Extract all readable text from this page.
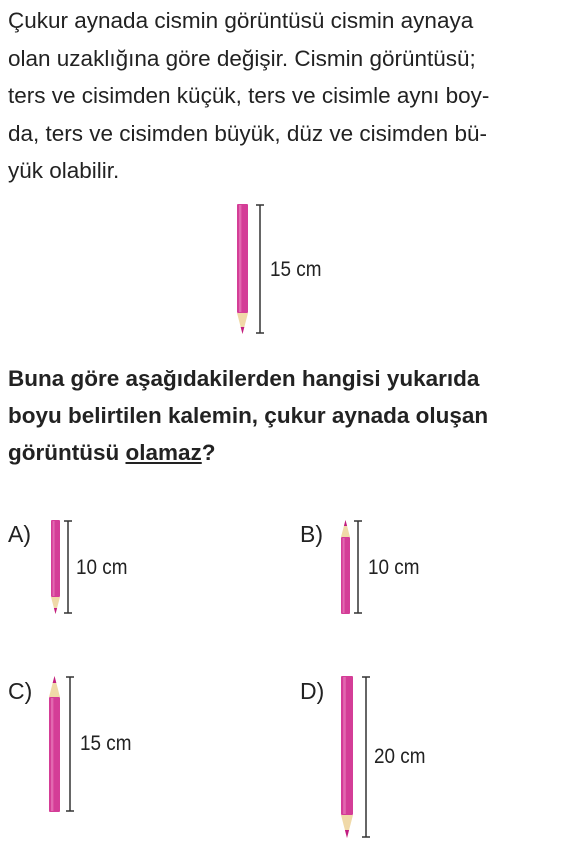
Çukur aynada cismin görüntüsü cismin aynaya
olan uzaklığına göre değişir. Cismin görüntüsü;
ters ve cisimden küçük, ters ve cisimle aynı boy-
da, ters ve cisimden büyük, düz ve cisimden bü-
yük olabilir.
15 cm
Buna göre aşağıdakilerden hangisi yukarıda
boyu belirtilen kalemin, çukur aynada oluşan
görüntüsü olamaz?
A)
10 cm
B)
10 cm
C)
15 cm
D)
20 cm
